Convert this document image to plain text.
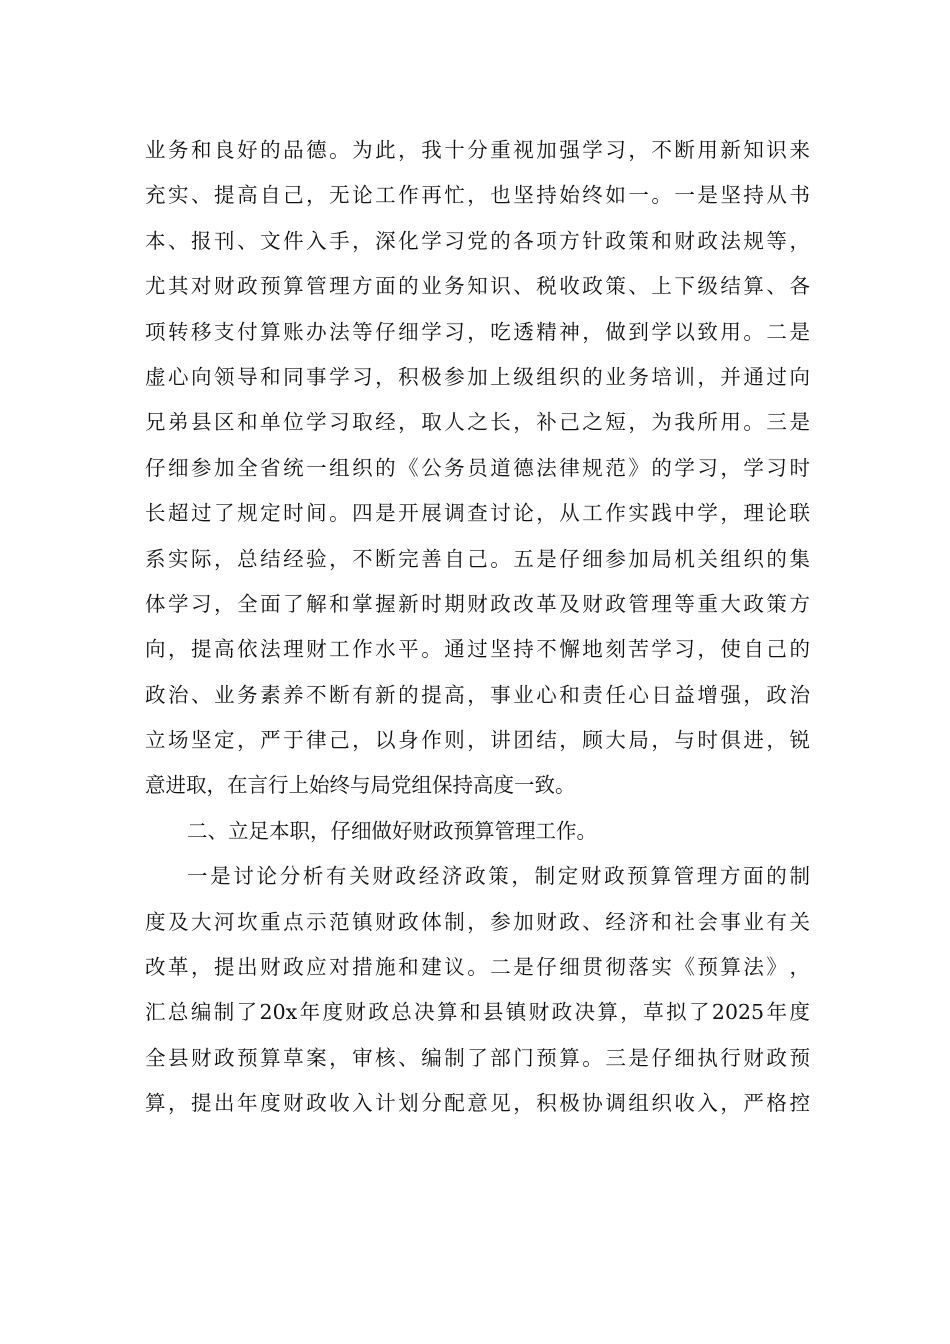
业 务 和 良 好 的 品 德 。 为 此 ， 我 十 分 重 视 加 强 学 习 ， 不 断 用 新 知 识 来
充 实 、 提 高 自 己 ， 无 论 工 作 再 忙 ， 也 坚 持 始 终 如 一 。 一 是 坚 持 从 书
本 、 报 刊 、 文 件 入 手 ， 深 化 学 习 党 的 各 项 方 针 政 策 和 财 政 法 规 等 ，
尤 其 对 财 政 预 算 管 理 方 面 的 业 务 知 识 、 税 收 政 策 、 上 下 级 结 算 、 各
项 转 移 支 付 算 账 办 法 等 仔 细 学 习 ， 吃 透 精 神 ， 做 到 学 以 致 用 。 二 是
虚 心 向 领 导 和 同 事 学 习 ， 积 极 参 加 上 级 组 织 的 业 务 培 训 ， 并 通 过 向
兄 弟 县 区 和 单 位 学 习 取 经 ， 取 人 之 长 ， 补 己 之 短 ， 为 我 所 用 。 三 是
仔 细 参 加 全 省 统 一 组 织 的 《 公 务 员 道 德 法 律 规 范 》 的 学 习 ， 学 习 时
长 超 过 了 规 定 时 间 。 四 是 开 展 调 查 讨 论 ， 从 工 作 实 践 中 学 ， 理 论 联
系 实 际 ， 总 结 经 验 ， 不 断 完 善 自 己 。 五 是 仔 细 参 加 局 机 关 组 织 的 集
体 学 习 ， 全 面 了 解 和 掌 握 新 时 期 财 政 改 革 及 财 政 管 理 等 重 大 政 策 方
向 ， 提 高 依 法 理 财 工 作 水 平 。 通 过 坚 持 不 懈 地 刻 苦 学 习 ， 使 自 己 的
政 治 、 业 务 素 养 不 断 有 新 的 提 高 ， 事 业 心 和 责 任 心 日 益 增 强 ， 政 治
立 场 坚 定 ， 严 于 律 己 ， 以 身 作 则 ， 讲 团 结 ， 顾 大 局 ， 与 时 俱 进 ， 锐
意进取，在言行上始终与局党组保持高度一致。
二、立足本职，仔细做好财政预算管理工作。
一 是 讨 论 分 析 有 关 财 政 经 济 政 策 ， 制 定 财 政 预 算 管 理 方 面 的 制
度 及 大 河 坎 重 点 示 范 镇 财 政 体 制 ， 参 加 财 政 、 经 济 和 社 会 事 业 有 关
改 革 ， 提 出 财 政 应 对 措 施 和 建 议 。 二 是 仔 细 贯 彻 落 实 《 预 算 法 》 ，
汇 总 编 制 了 20x 年 度 财 政 总 决 算 和 县 镇 财 政 决 算 ， 草 拟 了 2025 年 度
全 县 财 政 预 算 草 案 ， 审 核 、 编 制 了 部 门 预 算 。 三 是 仔 细 执 行 财 政 预
算 ， 提 出 年 度 财 政 收 入 计 划 分 配 意 见 ， 积 极 协 调 组 织 收 入 ， 严 格 控
